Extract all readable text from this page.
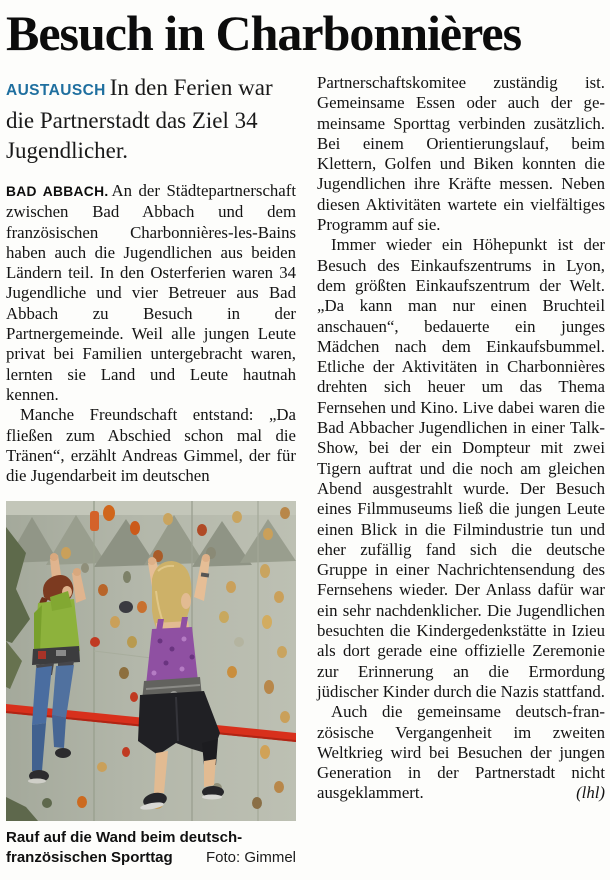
Besuch in Charbonnières

AUSTAUSCH In den Ferien war die Partnerstadt das Ziel 34 Jugendlicher.

BAD ABBACH. An der Städtepartnerschaft zwischen Bad Abbach und dem französischen Charbonnières-les-Bains haben auch die Jugendlichen aus beiden Ländern teil. In den Osterferien waren 34 Jugendliche und vier Betreuer aus Bad Abbach zu Besuch in der Partnergemeinde. Weil alle jungen Leute privat bei Familien untergebracht waren, lernten sie Land und Leute hautnah kennen.

Manche Freundschaft entstand: „Da fließen zum Abschied schon mal die Tränen“, erzählt Andreas Gimmel, der für die Jugendarbeit im deutschen

Rauf auf die Wand beim deutsch-französischen Sporttag Foto: Gimmel

Partnerschaftskomitee zuständig ist. Gemeinsame Essen oder auch der gemeinsame Sporttag verbinden zusätzlich. Bei einem Orientierungslauf, beim Klettern, Golfen und Biken konnten die Jugendlichen ihre Kräfte messen. Neben diesen Aktivitäten wartete ein vielfältiges Programm auf sie.

Immer wieder ein Höhepunkt ist der Besuch des Einkaufszentrums in Lyon, dem größten Einkaufszentrum der Welt. „Da kann man nur einen Bruchteil anschauen“, bedauerte ein junges Mädchen nach dem Einkaufsbummel. Etliche der Aktivitäten in Charbonnières drehten sich heuer um das Thema Fernsehen und Kino. Live dabei waren die Bad Abbacher Jugendlichen in einer Talk-Show, bei der ein Dompteur mit zwei Tigern auftrat und die noch am gleichen Abend ausgestrahlt wurde. Der Besuch eines Filmmuseums ließ die jungen Leute einen Blick in die Filmindustrie tun und eher zufällig fand sich die deutsche Gruppe in einer Nachrichtensendung des Fernsehens wieder. Der Anlass dafür war ein sehr nachdenklicher. Die Jugendlichen besuchten die Kindergedenkstätte in Izieu als dort gerade eine offizielle Zeremonie zur Erinnerung an die Ermordung jüdischer Kinder durch die Nazis stattfand.

Auch die gemeinsame deutsch-französische Vergangenheit im zweiten Weltkrieg wird bei Besuchen der jungen Generation in der Partnerstadt nicht ausgeklammert.	(lhl)
